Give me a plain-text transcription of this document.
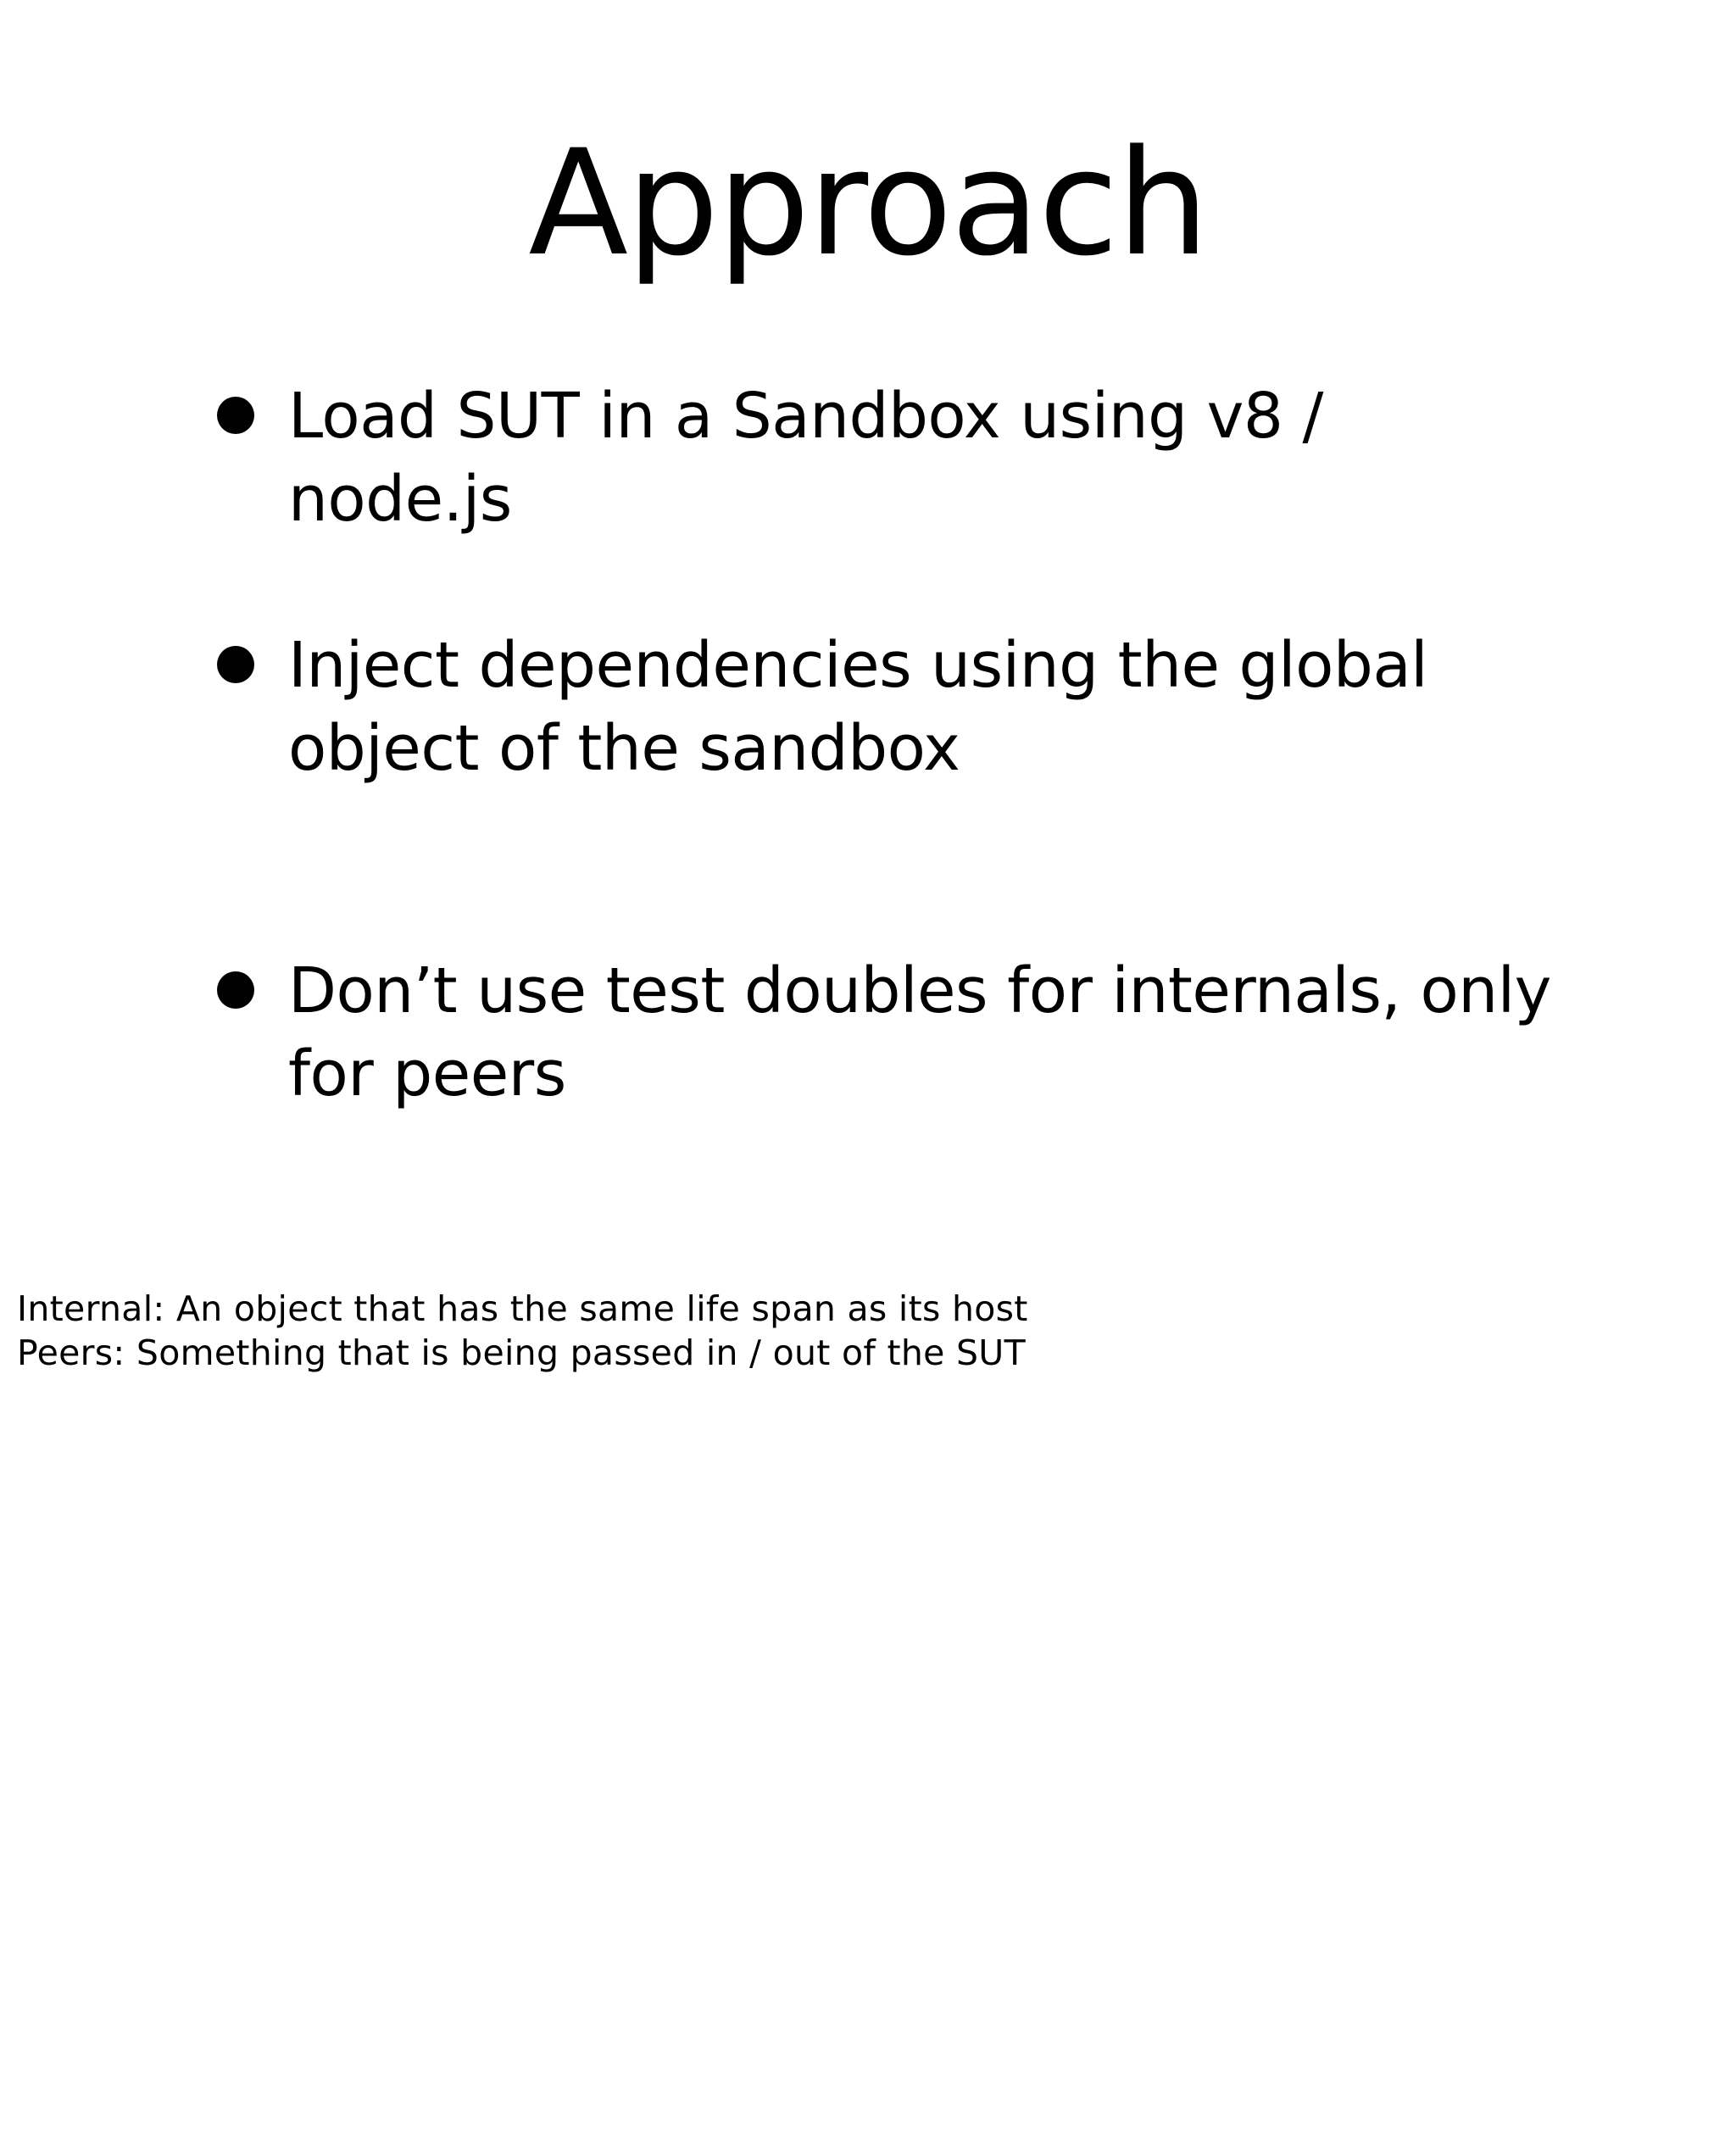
Approach
Load SUT in a Sandbox using v8 / node.js
Inject dependencies using the global object of the sandbox
Don’t use test doubles for internals, only for peers
Internal: An object that has the same life span as its host
Peers: Something that is being passed in / out of the SUT
